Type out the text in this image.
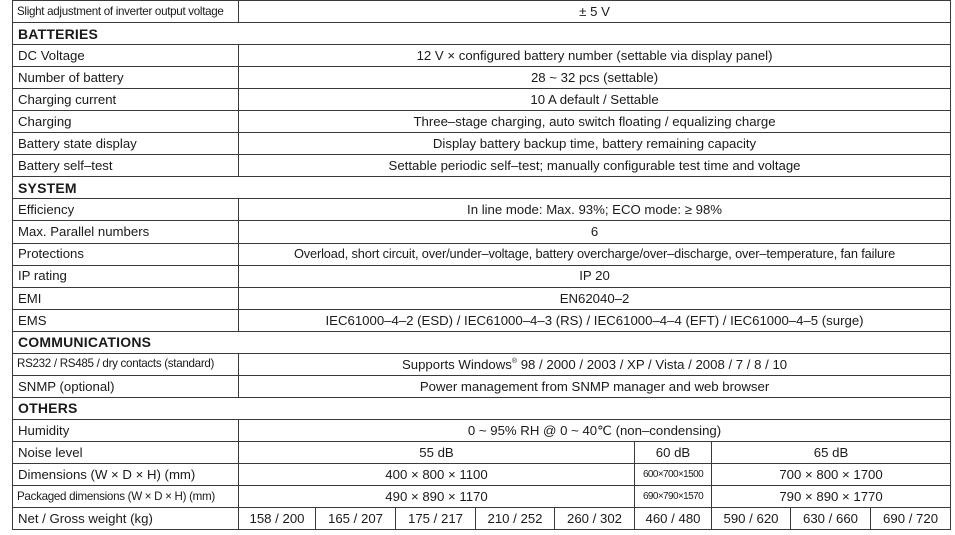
Slight adjustment of inverter output voltage	± 5 V								
BATTERIES									
DC Voltage	12 V × configured battery number (settable via display panel)								
Number of battery	28 ~ 32 pcs (settable)								
Charging current	10 A default / Settable								
Charging	Three–stage charging, auto switch floating / equalizing charge								
Battery state display	Display battery backup time, battery remaining capacity								
Battery self–test	Settable periodic self–test; manually configurable test time and voltage								
SYSTEM									
Efficiency	In line mode: Max. 93%; ECO mode: ≥ 98%								
Max. Parallel numbers	6								
Protections	Overload, short circuit, over/under–voltage, battery overcharge/over–discharge, over–temperature, fan failure								
IP rating	IP 20								
EMI	EN62040–2								
EMS	IEC61000–4–2 (ESD) / IEC61000–4–3 (RS) / IEC61000–4–4 (EFT) / IEC61000–4–5 (surge)								
COMMUNICATIONS									
RS232 / RS485 / dry contacts (standard)	Supports Windows® 98 / 2000 / 2003 / XP / Vista / 2008 / 7 / 8 / 10								
SNMP (optional)	Power management from SNMP manager and web browser								
OTHERS									
Humidity	0 ~ 95% RH @ 0 ~ 40℃ (non–condensing)								
Noise level	55 dB					60 dB	65 dB		
Dimensions (W × D × H) (mm)	400 × 800 × 1100					600×700×1500	700 × 800 × 1700		
Packaged dimensions (W × D × H) (mm)	490 × 890 × 1170					690×790×1570	790 × 890 × 1770		
Net / Gross weight (kg)	158 / 200	165 / 207	175 / 217	210 / 252	260 / 302	460 / 480	590 / 620	630 / 660	690 / 720
